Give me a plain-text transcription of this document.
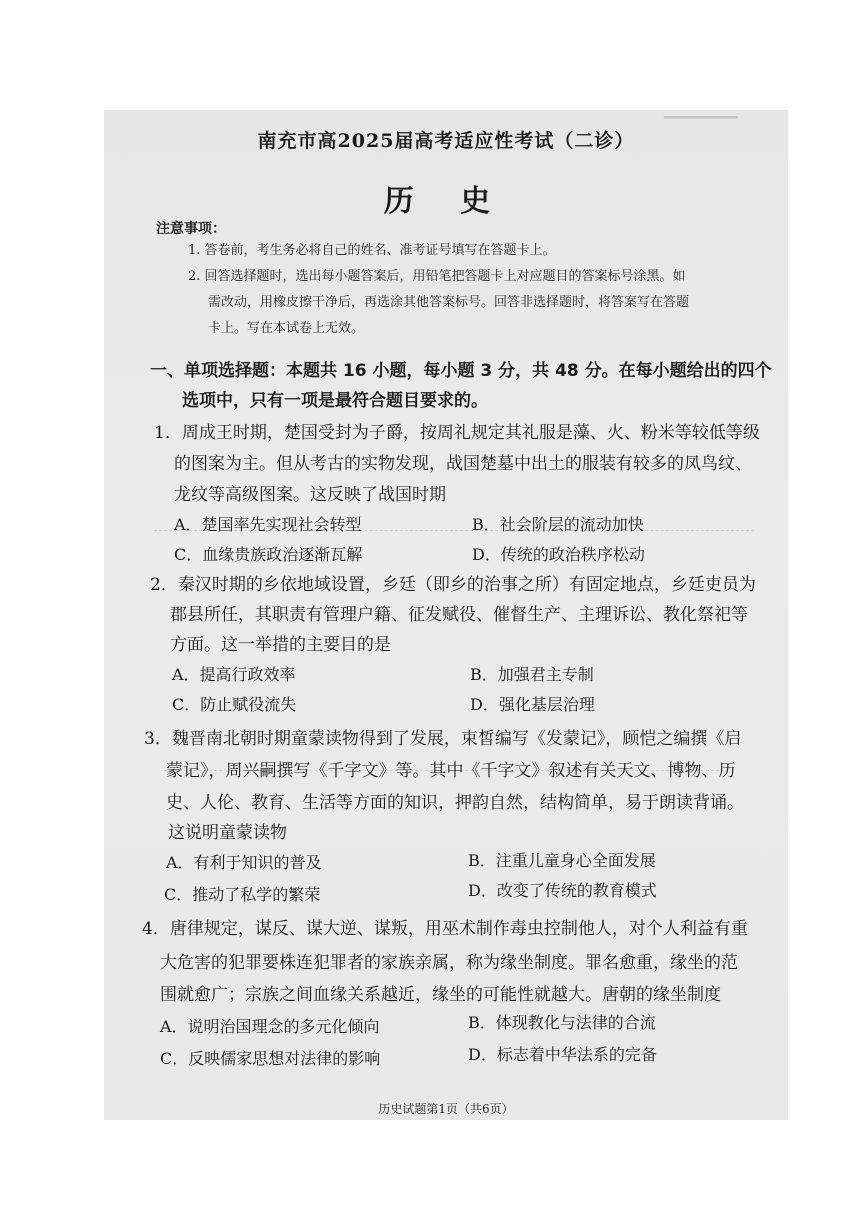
▔▔▔▔▔▔
南充市高2025届高考适应性考试（二诊）
历 史
注意事项：
1. 答卷前，考生务必将自己的姓名、准考证号填写在答题卡上。
2. 回答选择题时，选出每小题答案后，用铅笔把答题卡上对应题目的答案标号涂黑。如
需改动，用橡皮擦干净后，再选涂其他答案标号。回答非选择题时，将答案写在答题
卡上。写在本试卷上无效。
一、单项选择题：本题共 16 小题，每小题 3 分，共 48 分。在每小题给出的四个
选项中，只有一项是最符合题目要求的。
1．周成王时期，楚国受封为子爵，按周礼规定其礼服是藻、火、粉米等较低等级
的图案为主。但从考古的实物发现，战国楚墓中出土的服装有较多的凤鸟纹、
龙纹等高级图案。这反映了战国时期
A．楚国率先实现社会转型	B．社会阶层的流动加快
C．血缘贵族政治逐渐瓦解	D．传统的政治秩序松动
2．秦汉时期的乡依地域设置，乡廷（即乡的治事之所）有固定地点，乡廷吏员为
郡县所任，其职责有管理户籍、征发赋役、催督生产、主理诉讼、教化祭祀等
方面。这一举措的主要目的是
A．提高行政效率	B．加强君主专制
C．防止赋役流失	D．强化基层治理
3．魏晋南北朝时期童蒙读物得到了发展，束皙编写《发蒙记》，顾恺之编撰《启
蒙记》，周兴嗣撰写《千字文》等。其中《千字文》叙述有关天文、博物、历
史、人伦、教育、生活等方面的知识，押韵自然，结构简单，易于朗读背诵。
这说明童蒙读物
A．有利于知识的普及	B．注重儿童身心全面发展
C．推动了私学的繁荣	D．改变了传统的教育模式
4．唐律规定，谋反、谋大逆、谋叛，用巫术制作毒虫控制他人，对个人利益有重
大危害的犯罪要株连犯罪者的家族亲属，称为缘坐制度。罪名愈重，缘坐的范
围就愈广；宗族之间血缘关系越近，缘坐的可能性就越大。唐朝的缘坐制度
A．说明治国理念的多元化倾向	B．体现教化与法律的合流
C．反映儒家思想对法律的影响	D．标志着中华法系的完备
历史试题第1页（共6页）
